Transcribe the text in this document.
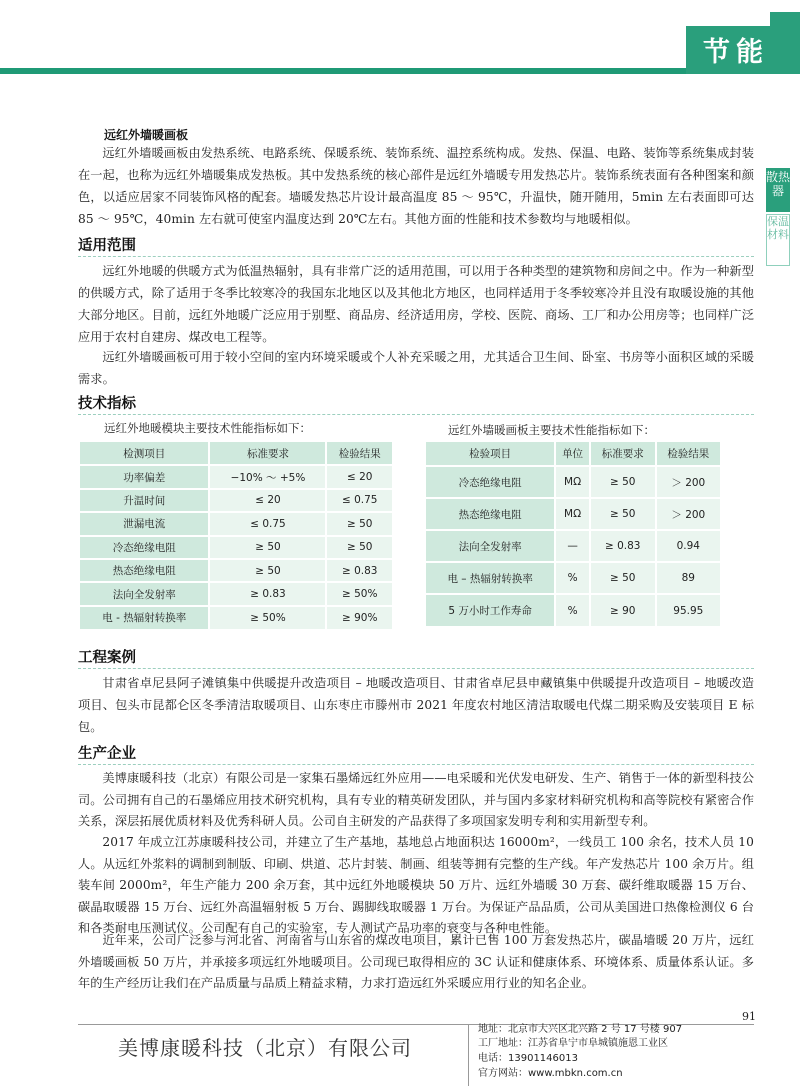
节能
散热器
保温材料
远红外墙暖画板
远红外墙暖画板由发热系统、电路系统、保暖系统、装饰系统、温控系统构成。发热、保温、电路、装饰等系统集成封装在一起，也称为远红外墙暖集成发热板。其中发热系统的核心部件是远红外墙暖专用发热芯片。装饰系统表面有各种图案和颜色，以适应居家不同装饰风格的配套。墙暖发热芯片设计最高温度 85 ～ 95℃，升温快，随开随用，5min 左右表面即可达 85 ～ 95℃，40min 左右就可使室内温度达到 20℃左右。其他方面的性能和技术参数均与地暖相似。
适用范围
远红外地暖的供暖方式为低温热辐射，具有非常广泛的适用范围，可以用于各种类型的建筑物和房间之中。作为一种新型的供暖方式，除了适用于冬季比较寒冷的我国东北地区以及其他北方地区，也同样适用于冬季较寒冷并且没有取暖设施的其他大部分地区。目前，远红外地暖广泛应用于别墅、商品房、经济适用房，学校、医院、商场、工厂和办公用房等；也同样广泛应用于农村自建房、煤改电工程等。
远红外墙暖画板可用于较小空间的室内环境采暖或个人补充采暖之用，尤其适合卫生间、卧室、书房等小面积区域的采暖需求。
技术指标
远红外地暖模块主要技术性能指标如下：	远红外墙暖画板主要技术性能指标如下：
检测项目	标准要求	检验结果
功率偏差	−10% ～ +5%	≤ 20
升温时间	≤ 20	≤ 0.75
泄漏电流	≤ 0.75	≥ 50
冷态绝缘电阻	≥ 50	≥ 50
热态绝缘电阻	≥ 50	≥ 0.83
法向全发射率	≥ 0.83	≥ 50%
电 - 热辐射转换率	≥ 50%	≥ 90%
检验项目	单位	标准要求	检验结果
冷态绝缘电阻	MΩ	≥ 50	＞ 200
热态绝缘电阻	MΩ	≥ 50	＞ 200
法向全发射率	—	≥ 0.83	0.94
电 – 热辐射转换率	%	≥ 50	89
5 万小时工作寿命	%	≥ 90	95.95
工程案例
甘肃省卓尼县阿子滩镇集中供暖提升改造项目 – 地暖改造项目、甘肃省卓尼县申藏镇集中供暖提升改造项目 – 地暖改造项目、包头市昆都仑区冬季清洁取暖项目、山东枣庄市滕州市 2021 年度农村地区清洁取暖电代煤二期采购及安装项目 E 标包。
生产企业
美博康暖科技（北京）有限公司是一家集石墨烯远红外应用——电采暖和光伏发电研发、生产、销售于一体的新型科技公司。公司拥有自己的石墨烯应用技术研究机构，具有专业的精英研发团队，并与国内多家材料研究机构和高等院校有紧密合作关系，深层拓展优质材料及优秀科研人员。公司自主研发的产品获得了多项国家发明专利和实用新型专利。
2017 年成立江苏康暖科技公司，并建立了生产基地，基地总占地面积达 16000m²，一线员工 100 余名，技术人员 10 人。从远红外浆料的调制到制版、印刷、烘道、芯片封装、制画、组装等拥有完整的生产线。年产发热芯片 100 余万片。组装车间 2000m²，年生产能力 200 余万套，其中远红外地暖模块 50 万片、远红外墙暖 30 万套、碳纤维取暖器 15 万台、碳晶取暖器 15 万台、远红外高温辐射板 5 万台、踢脚线取暖器 1 万台。为保证产品品质，公司从美国进口热像检测仪 6 台和各类耐电压测试仪。公司配有自己的实验室，专人测试产品功率的衰变与各种电性能。
近年来，公司广泛参与河北省、河南省与山东省的煤改电项目，累计已售 100 万套发热芯片，碳晶墙暖 20 万片，远红外墙暖画板 50 万片，并承接多项远红外地暖项目。公司现已取得相应的 3C 认证和健康体系、环境体系、质量体系认证。多年的生产经历让我们在产品质量与品质上精益求精，力求打造远红外采暖应用行业的知名企业。
91
美博康暖科技（北京）有限公司
地址：北京市大兴区北兴路 2 号 17 号楼 907
工厂地址：江苏省阜宁市阜城镇施恩工业区
电话：13901146013
官方网站：www.mbkn.com.cn
